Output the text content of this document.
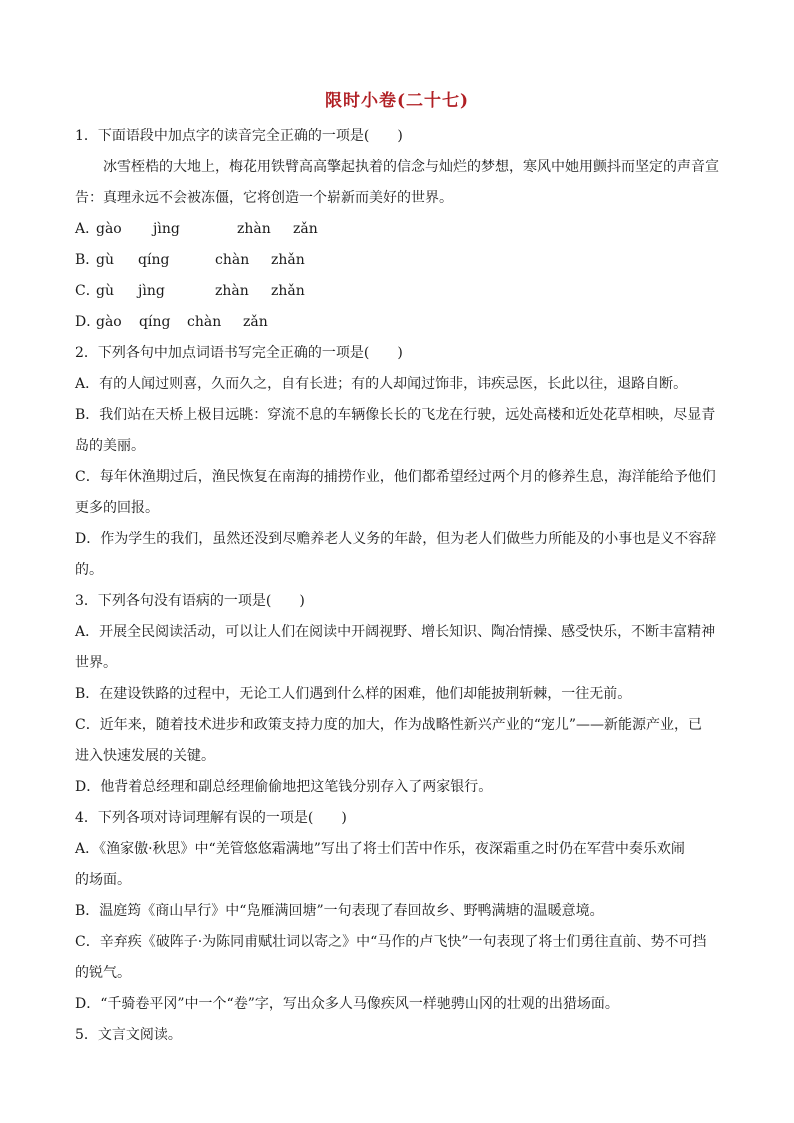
限时小卷(二十七)
1．下面语段中加点字的读音完全正确的一项是(　　)
冰雪桎梏的大地上，梅花用铁臂高高擎起执着的信念与灿烂的梦想，寒风中她用颤抖而坚定的声音宣
告：真理永远不会被冻僵，它将创造一个崭新而美好的世界。
A．
gào	jìng	zhàn	zǎn
B．
gù	qíng	chàn	zhǎn
C．
gù	jìng	zhàn	zhǎn
D．
gào	qíng	chàn	zǎn
2．下列各句中加点词语书写完全正确的一项是(　　)
A．有的人闻过则喜，久而久之，自有长进；有的人却闻过饰非，讳疾忌医，长此以往，退路自断。
B．我们站在天桥上极目远眺：穿流不息的车辆像长长的飞龙在行驶，远处高楼和近处花草相映，尽显青
岛的美丽。
C．每年休渔期过后，渔民恢复在南海的捕捞作业，他们都希望经过两个月的修养生息，海洋能给予他们
更多的回报。
D．作为学生的我们，虽然还没到尽赡养老人义务的年龄，但为老人们做些力所能及的小事也是义不容辞
的。
3．下列各句没有语病的一项是(　　)
A．开展全民阅读活动，可以让人们在阅读中开阔视野、增长知识、陶冶情操、感受快乐，不断丰富精神
世界。
B．在建设铁路的过程中，无论工人们遇到什么样的困难，他们却能披荆斩棘，一往无前。
C．近年来，随着技术进步和政策支持力度的加大，作为战略性新兴产业的“宠儿”——新能源产业，已
进入快速发展的关键。
D．他背着总经理和副总经理偷偷地把这笔钱分别存入了两家银行。
4．下列各项对诗词理解有误的一项是(　　)
A．《渔家傲·秋思》中“羌管悠悠霜满地”写出了将士们苦中作乐，夜深霜重之时仍在军营中奏乐欢闹
的场面。
B．温庭筠《商山早行》中“凫雁满回塘”一句表现了春回故乡、野鸭满塘的温暖意境。
C．辛弃疾《破阵子·为陈同甫赋壮词以寄之》中“马作的卢飞快”一句表现了将士们勇往直前、势不可挡
的锐气。
D．“千骑卷平冈”中一个“卷”字，写出众多人马像疾风一样驰骋山冈的壮观的出猎场面。
5．文言文阅读。
